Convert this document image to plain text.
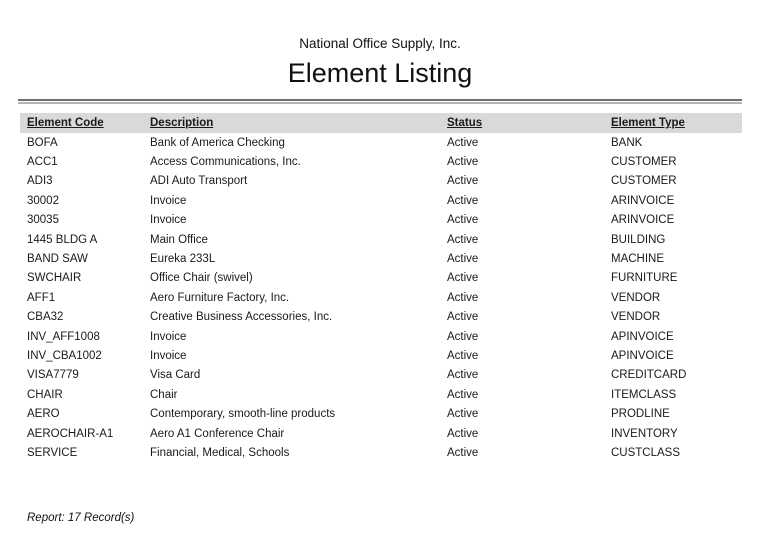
National Office Supply, Inc.
Element Listing
Element Code	Description	Status	Element Type
BOFA	Bank of America Checking	Active	BANK
ACC1	Access Communications, Inc.	Active	CUSTOMER
ADI3	ADI Auto Transport	Active	CUSTOMER
30002	Invoice	Active	ARINVOICE
30035	Invoice	Active	ARINVOICE
1445 BLDG A	Main Office	Active	BUILDING
BAND SAW	Eureka 233L	Active	MACHINE
SWCHAIR	Office Chair (swivel)	Active	FURNITURE
AFF1	Aero Furniture Factory, Inc.	Active	VENDOR
CBA32	Creative Business Accessories, Inc.	Active	VENDOR
INV_AFF1008	Invoice	Active	APINVOICE
INV_CBA1002	Invoice	Active	APINVOICE
VISA7779	Visa Card	Active	CREDITCARD
CHAIR	Chair	Active	ITEMCLASS
AERO	Contemporary, smooth-line products	Active	PRODLINE
AEROCHAIR-A1	Aero A1 Conference Chair	Active	INVENTORY
SERVICE	Financial, Medical, Schools	Active	CUSTCLASS
Report: 17 Record(s)
